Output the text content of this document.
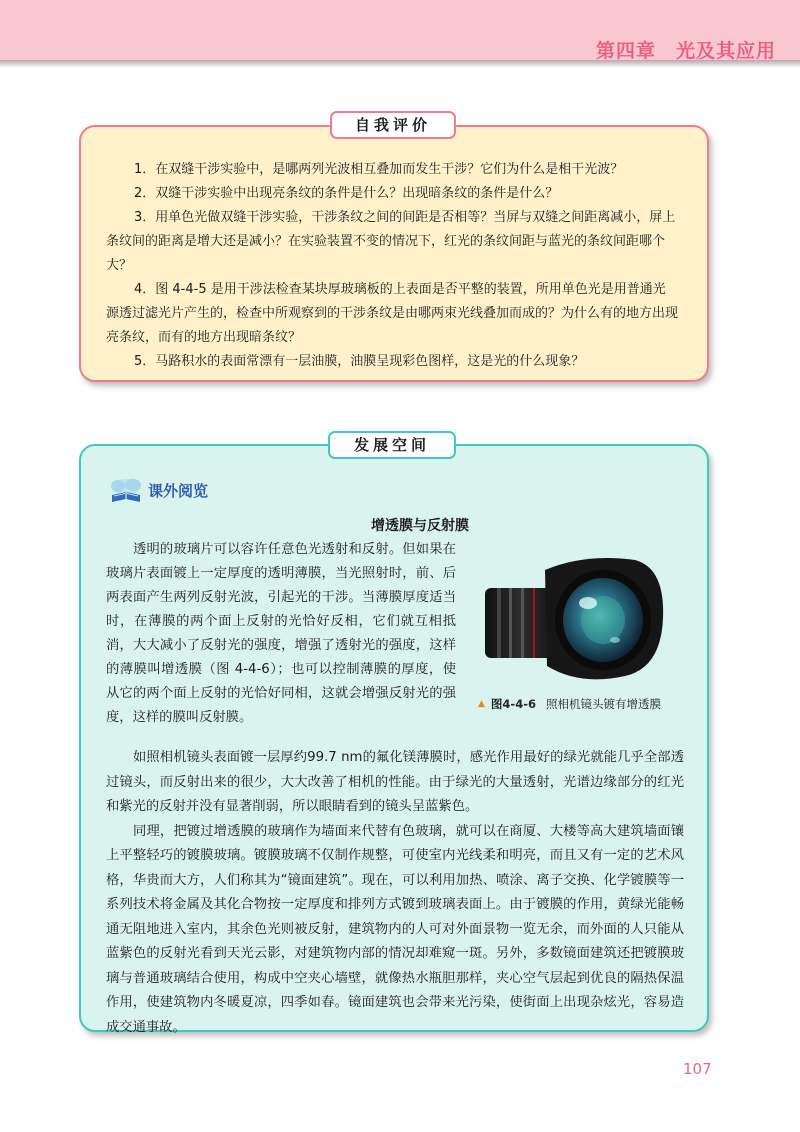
第四章　光及其应用
自我评价

1．在双缝干涉实验中，是哪两列光波相互叠加而发生干涉？它们为什么是相干光波？

2．双缝干涉实验中出现亮条纹的条件是什么？出现暗条纹的条件是什么？

3．用单色光做双缝干涉实验，干涉条纹之间的间距是否相等？当屏与双缝之间距离减小，屏上条纹间的距离是增大还是减小？在实验装置不变的情况下，红光的条纹间距与蓝光的条纹间距哪个大？

4．图 4-4-5 是用干涉法检查某块厚玻璃板的上表面是否平整的装置，所用单色光是用普通光源透过滤光片产生的，检查中所观察到的干涉条纹是由哪两束光线叠加而成的？为什么有的地方出现亮条纹，而有的地方出现暗条纹？

5．马路积水的表面常漂有一层油膜，油膜呈现彩色图样，这是光的什么现象？

发展空间
课外阅览
增透膜与反射膜

透明的玻璃片可以容许任意色光透射和反射。但如果在玻璃片表面镀上一定厚度的透明薄膜，当光照射时，前、后两表面产生两列反射光波，引起光的干涉。当薄膜厚度适当时，在薄膜的两个面上反射的光恰好反相，它们就互相抵消，大大减小了反射光的强度，增强了透射光的强度，这样的薄膜叫增透膜（图 4-4-6）；也可以控制薄膜的厚度，使从它的两个面上反射的光恰好同相，这就会增强反射光的强度，这样的膜叫反射膜。

▲ 图4-4-6 照相机镜头镀有增透膜

如照相机镜头表面镀一层厚约99.7 nm的氟化镁薄膜时，感光作用最好的绿光就能几乎全部透过镜头，而反射出来的很少，大大改善了相机的性能。由于绿光的大量透射，光谱边缘部分的红光和紫光的反射并没有显著削弱，所以眼睛看到的镜头呈蓝紫色。

同理，把镀过增透膜的玻璃作为墙面来代替有色玻璃，就可以在商厦、大楼等高大建筑墙面镶上平整轻巧的镀膜玻璃。镀膜玻璃不仅制作规整，可使室内光线柔和明亮，而且又有一定的艺术风格，华贵而大方，人们称其为“镜面建筑”。现在，可以利用加热、喷涂、离子交换、化学镀膜等一系列技术将金属及其化合物按一定厚度和排列方式镀到玻璃表面上。由于镀膜的作用，黄绿光能畅通无阻地进入室内，其余色光则被反射，建筑物内的人可对外面景物一览无余，而外面的人只能从蓝紫色的反射光看到天光云影，对建筑物内部的情况却难窥一斑。另外，多数镜面建筑还把镀膜玻璃与普通玻璃结合使用，构成中空夹心墙壁，就像热水瓶胆那样，夹心空气层起到优良的隔热保温作用，使建筑物内冬暖夏凉，四季如春。镜面建筑也会带来光污染，使街面上出现杂炫光，容易造成交通事故。

107
